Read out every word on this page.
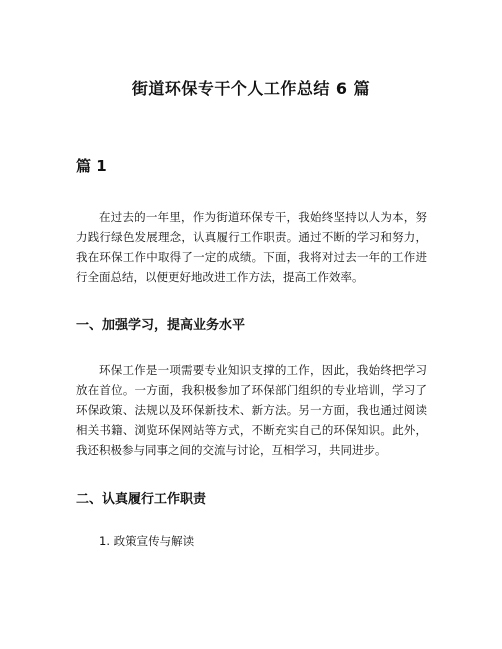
街道环保专干个人工作总结 6 篇
篇 1

在过去的一年里，作为街道环保专干，我始终坚持以人为本，努力践行绿色发展理念，认真履行工作职责。通过不断的学习和努力，我在环保工作中取得了一定的成绩。下面，我将对过去一年的工作进行全面总结，以便更好地改进工作方法，提高工作效率。

一、加强学习，提高业务水平

环保工作是一项需要专业知识支撑的工作，因此，我始终把学习放在首位。一方面，我积极参加了环保部门组织的专业培训，学习了环保政策、法规以及环保新技术、新方法。另一方面，我也通过阅读相关书籍、浏览环保网站等方式，不断充实自己的环保知识。此外，我还积极参与同事之间的交流与讨论，互相学习，共同进步。

二、认真履行工作职责

1. 政策宣传与解读
